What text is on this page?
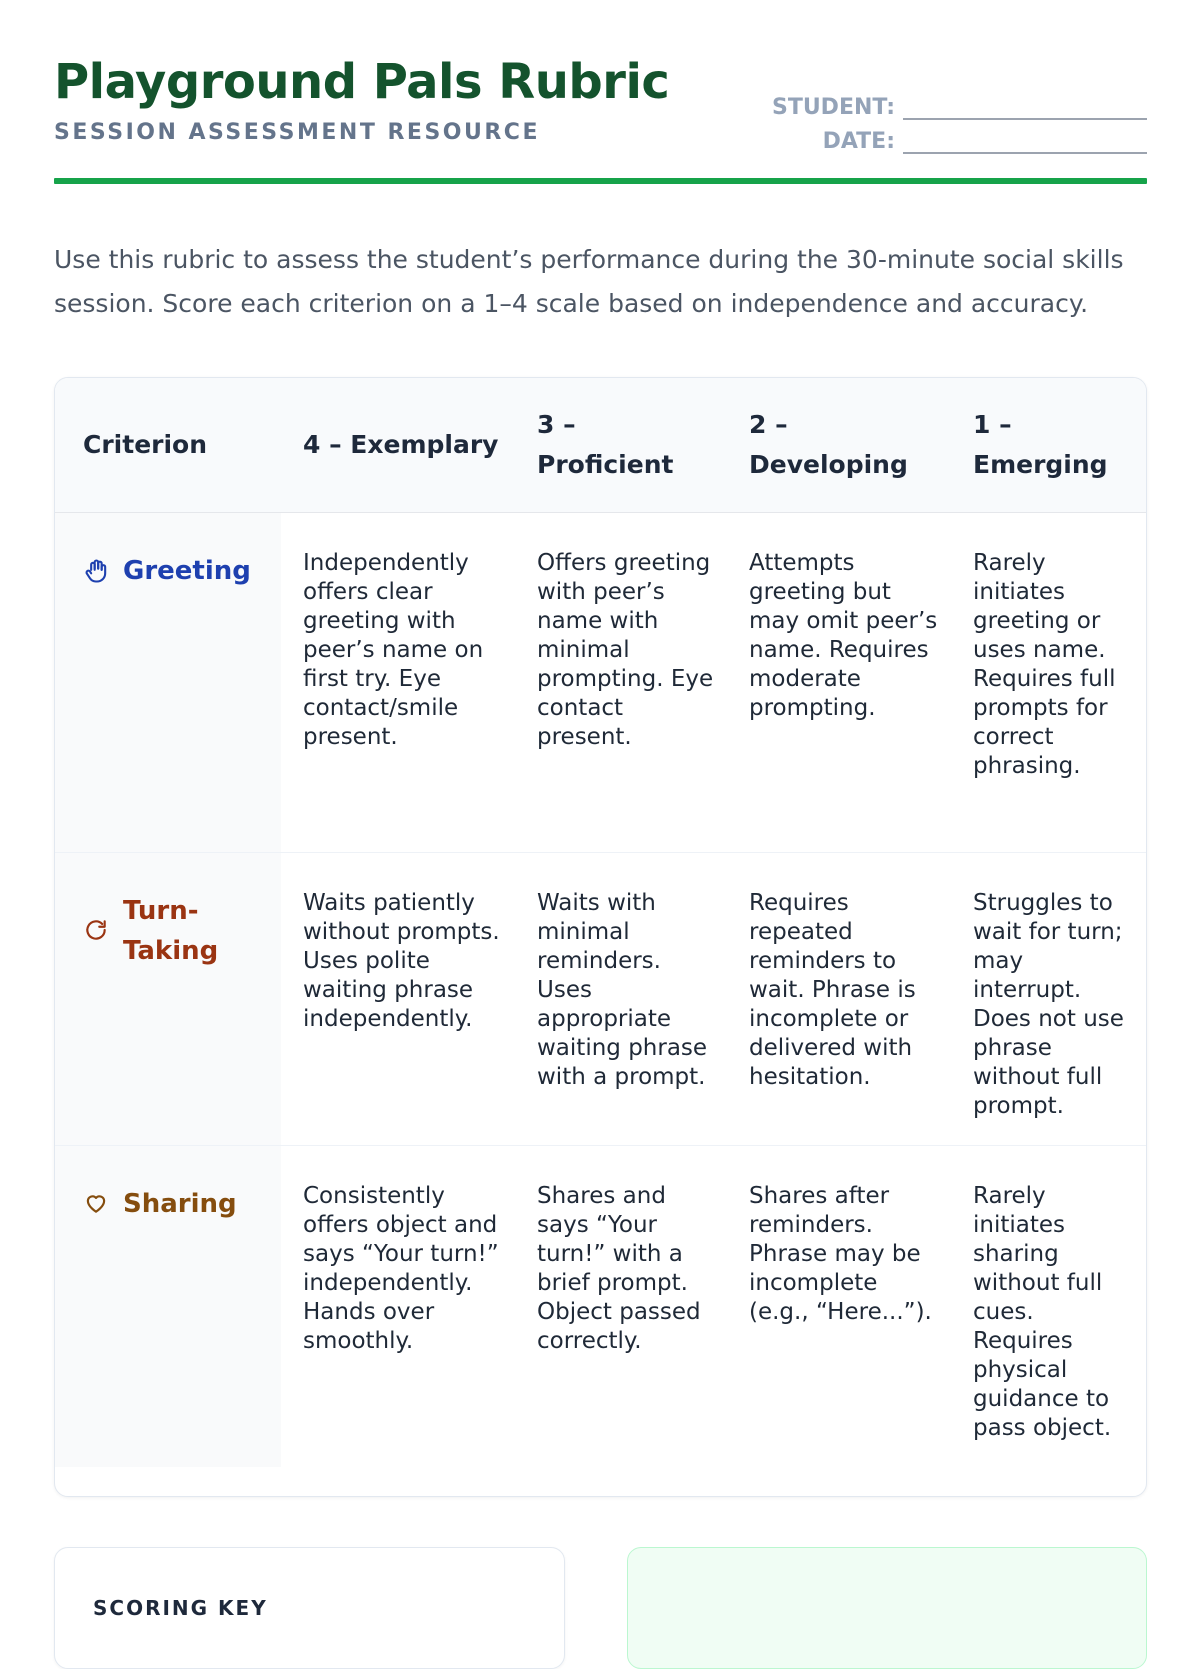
Playground Pals Rubric
SESSION ASSESSMENT RESOURCE
STUDENT:
DATE:

Use this rubric to assess the student’s performance during the 30-minute social skills session. Score each criterion on a 1–4 scale based on independence and accuracy.

Criterion	4 – Exemplary	3 – Proficient	2 – Developing	1 – Emerging

Greeting	Independently offers clear greeting with peer’s name on first try. Eye contact/smile present.	Offers greeting with peer’s name with minimal prompting. Eye contact present.	Attempts greeting but may omit peer’s name. Requires moderate prompting.	Rarely initiates greeting or uses name. Requires full prompts for correct phrasing.

Turn-Taking	Waits patiently without prompts. Uses polite waiting phrase independently.	Waits with minimal reminders. Uses appropriate waiting phrase with a prompt.	Requires repeated reminders to wait. Phrase is incomplete or delivered with hesitation.	Struggles to wait for turn; may interrupt. Does not use phrase without full prompt.

Sharing	Consistently offers object and says “Your turn!” independently. Hands over smoothly.	Shares and says “Your turn!” with a brief prompt. Object passed correctly.	Shares after reminders. Phrase may be incomplete (e.g., “Here...”).	Rarely initiates sharing without full cues. Requires physical guidance to pass object.
SCORING KEY
